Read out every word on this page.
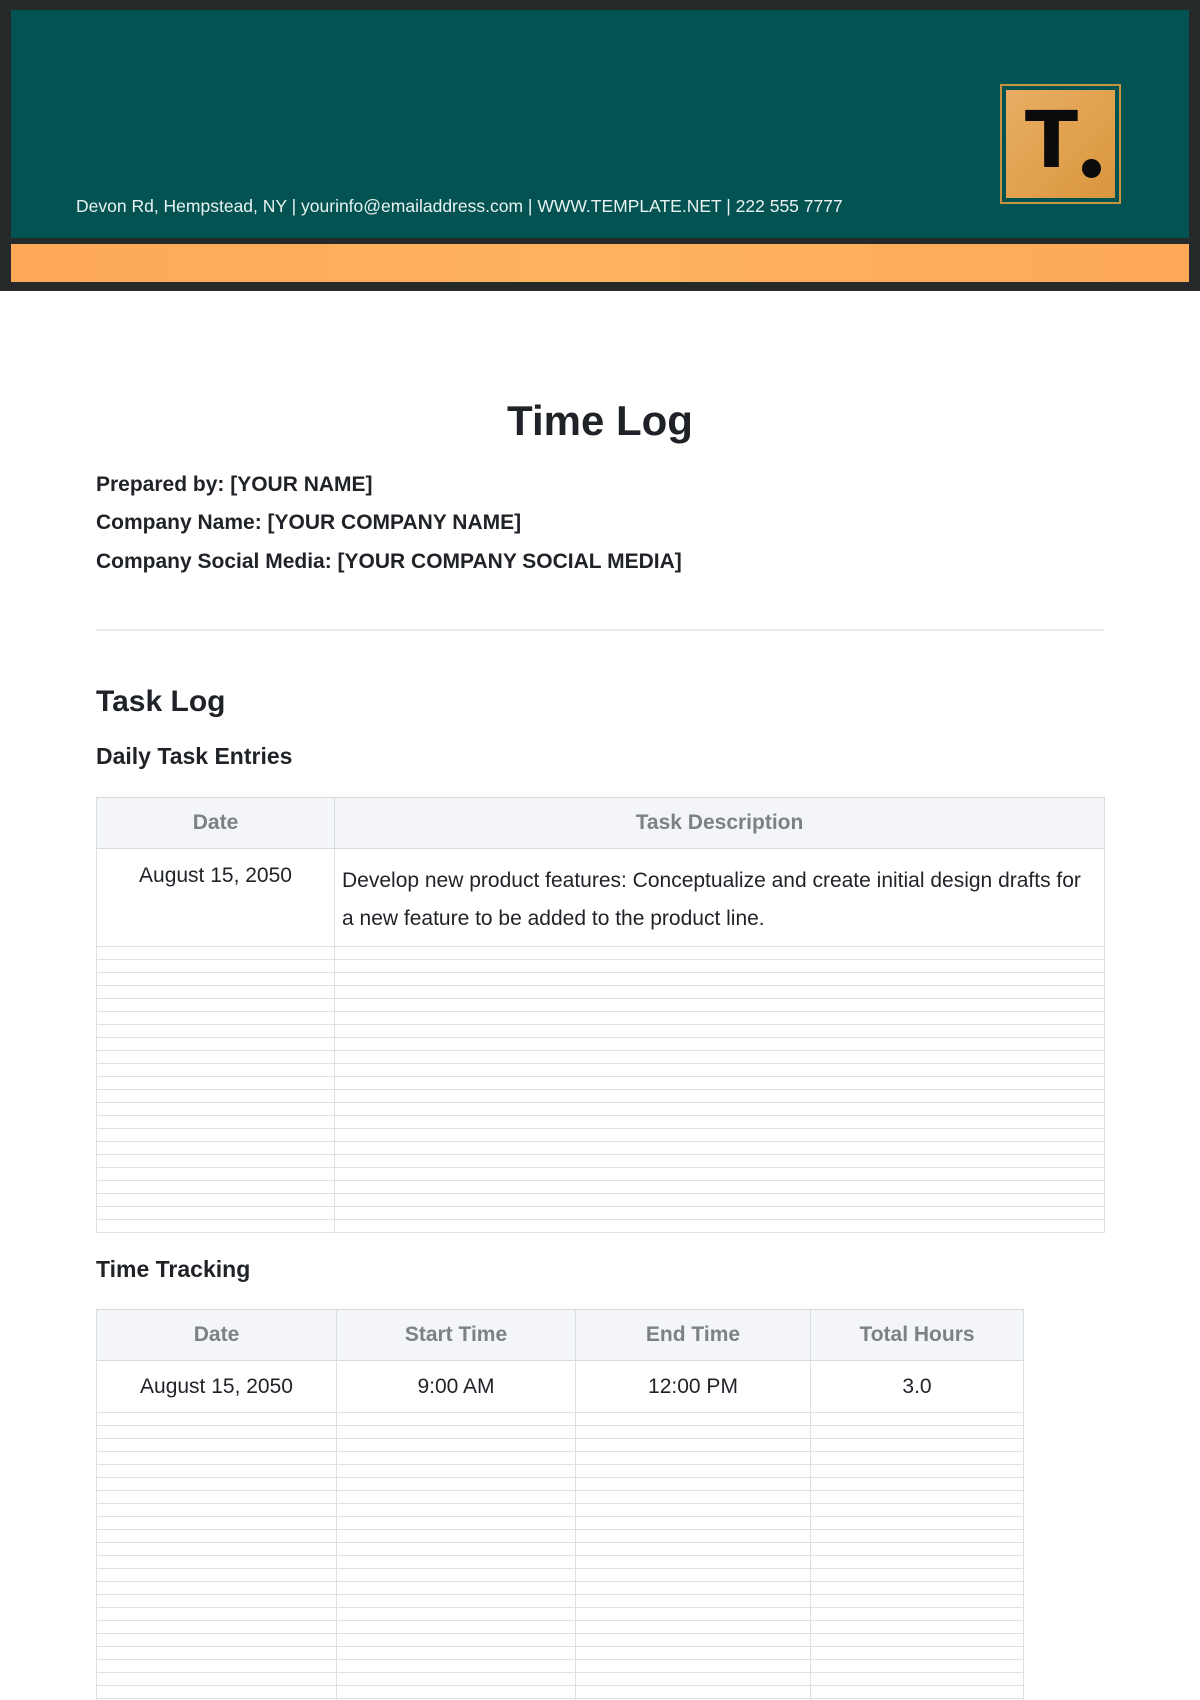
Devon Rd, Hempstead, NY | yourinfo@emailaddress.com | WWW.TEMPLATE.NET | 222 555 7777
T
Time Log
Prepared by: [YOUR NAME]
Company Name: [YOUR COMPANY NAME]
Company Social Media: [YOUR COMPANY SOCIAL MEDIA]
Task Log
Daily Task Entries
Date	Task Description
August 15, 2050	Develop new product features: Conceptualize and create initial design drafts for a new feature to be added to the product line.

Time Tracking
Date	Start Time	End Time	Total Hours
August 15, 2050	9:00 AM	12:00 PM	3.0
